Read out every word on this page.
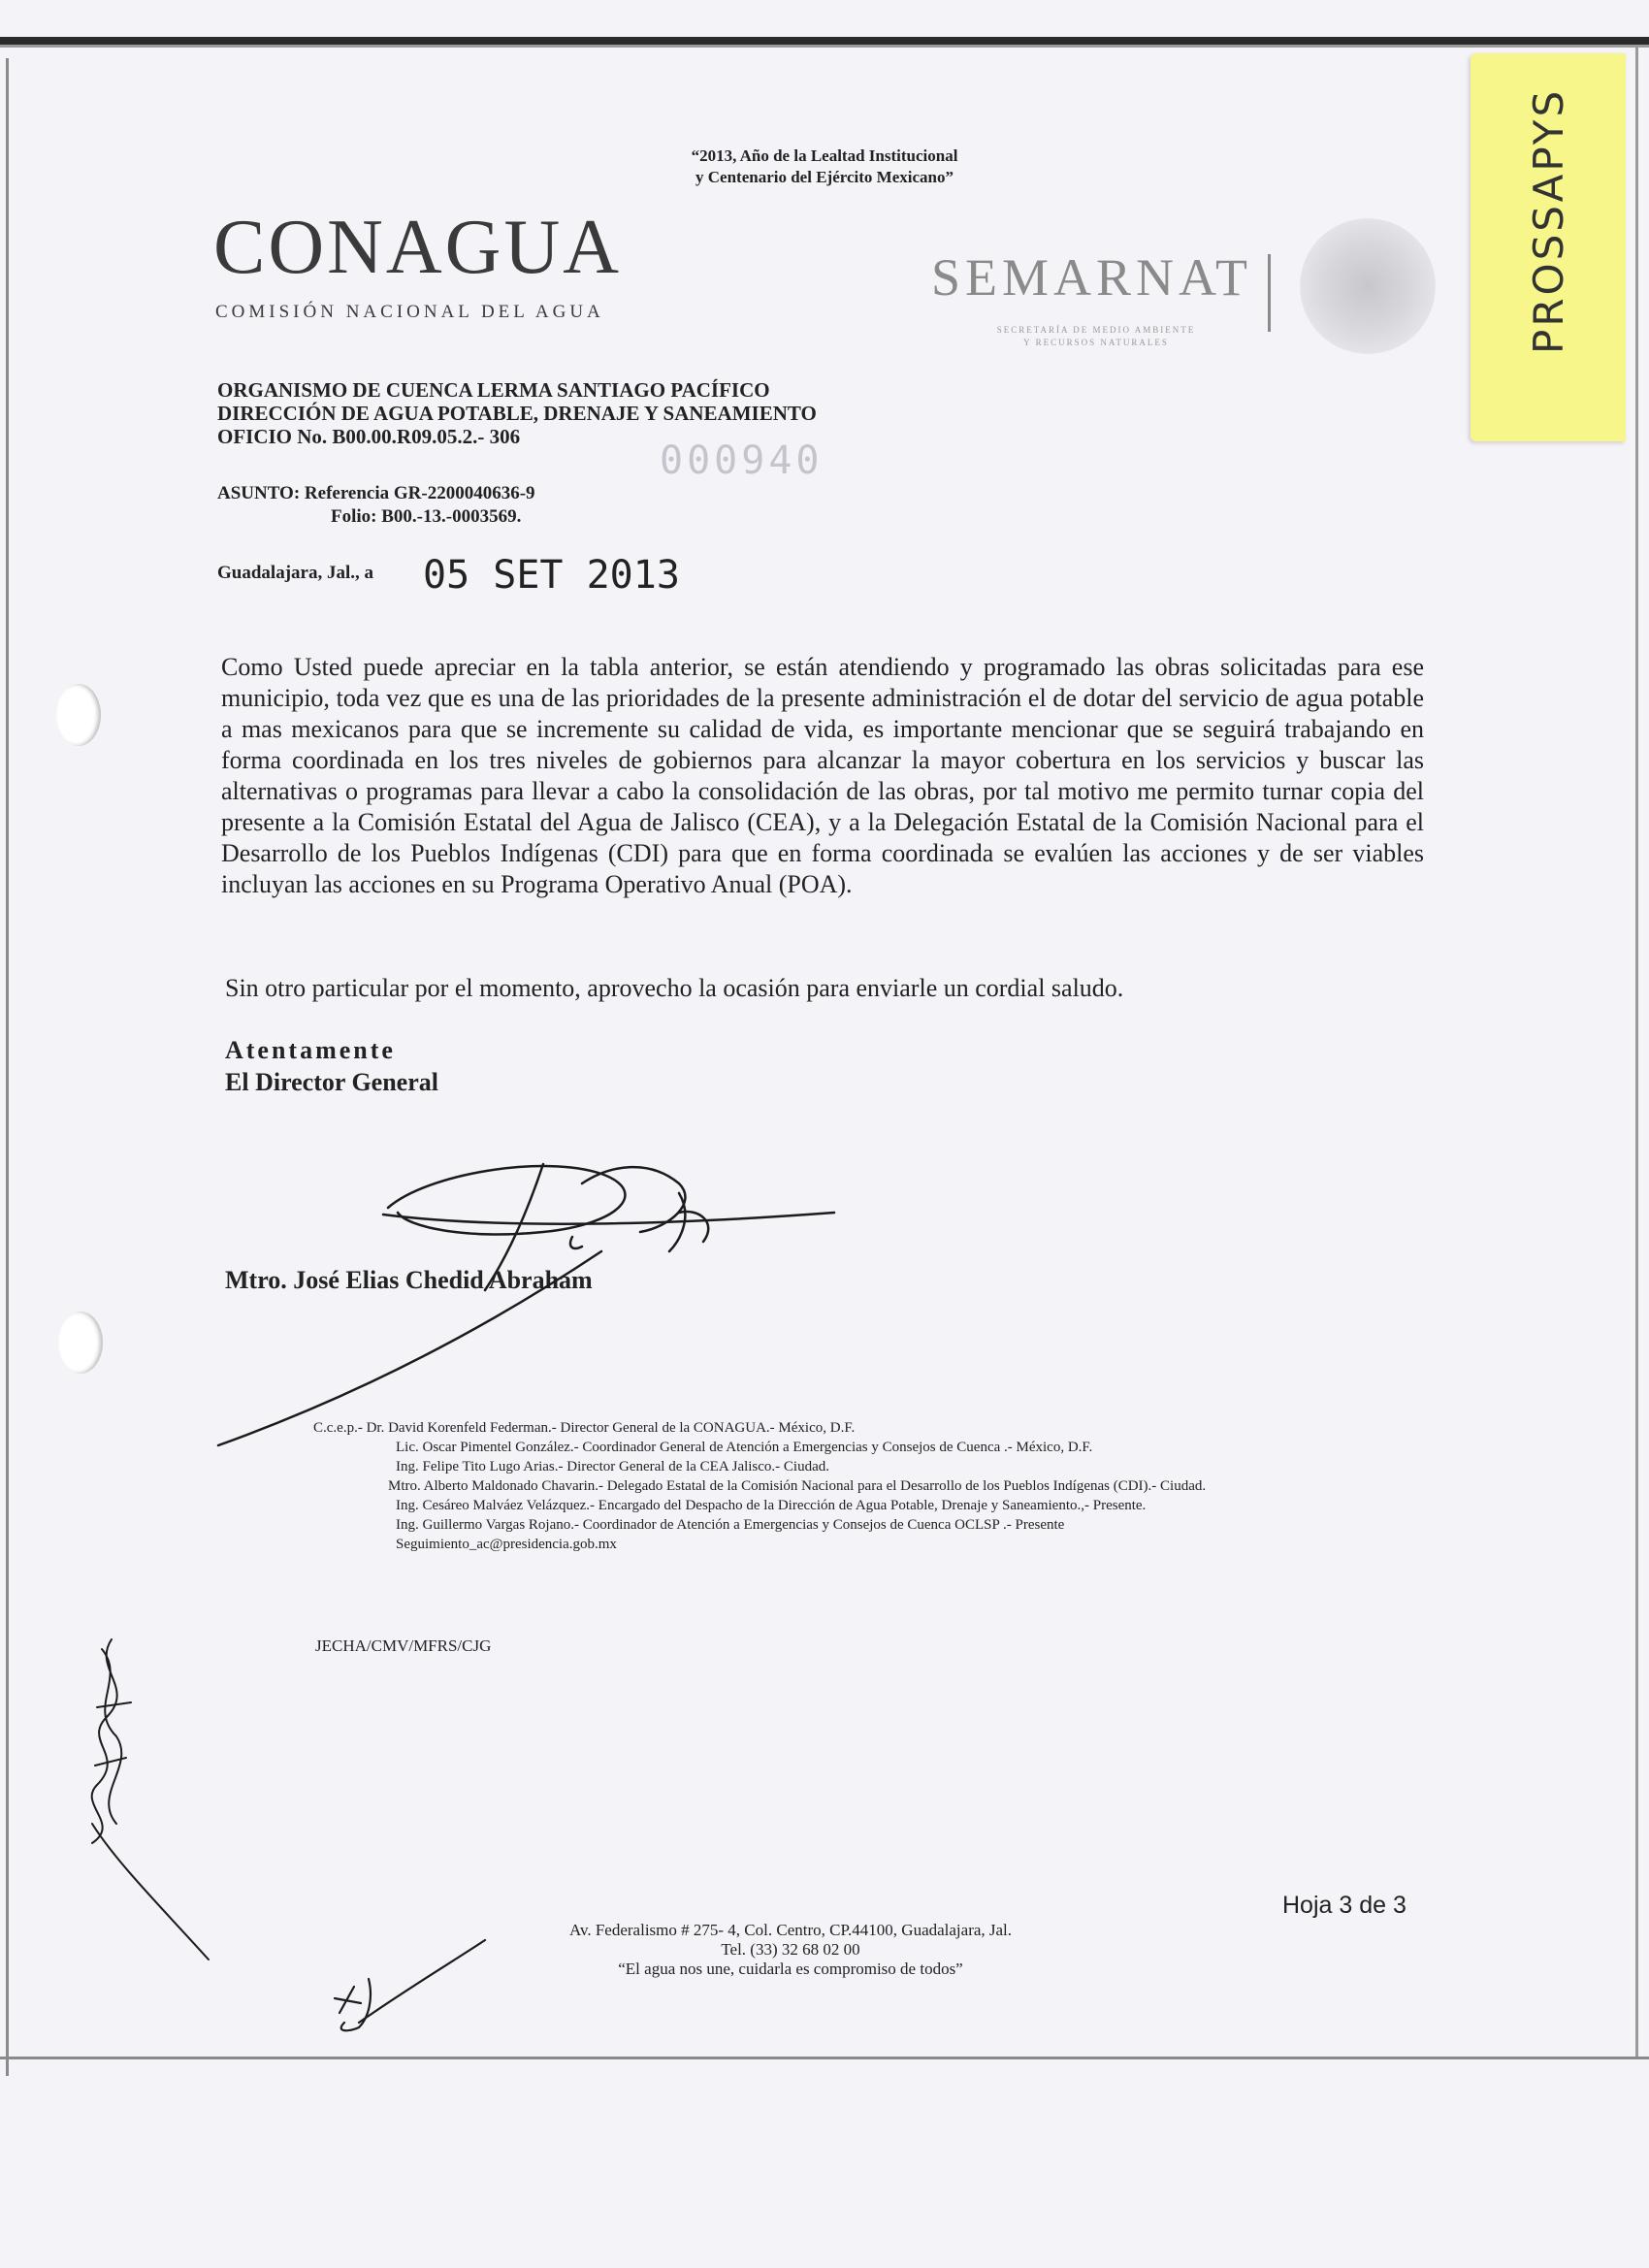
“2013, Año de la Lealtad Institucional
y Centenario del Ejército Mexicano”
CONAGUA
COMISIÓN NACIONAL DEL AGUA
SEMARNAT
SECRETARÍA DE MEDIO AMBIENTE
Y RECURSOS NATURALES	PROSSAPYS
ORGANISMO DE CUENCA LERMA SANTIAGO PACÍFICO
DIRECCIÓN DE AGUA POTABLE, DRENAJE Y SANEAMIENTO
OFICIO No. B00.00.R09.05.2.- 306
000940
ASUNTO: Referencia GR-2200040636-9
Folio: B00.-13.-0003569.
Guadalajara, Jal., a 05 SET 2013
Como Usted puede apreciar en la tabla anterior, se están atendiendo y programado las obras solicitadas para ese municipio, toda vez que es una de las prioridades de la presente administración el de dotar del servicio de agua potable a mas mexicanos para que se incremente su calidad de vida, es importante mencionar que se seguirá trabajando en forma coordinada en los tres niveles de gobiernos para alcanzar la mayor cobertura en los servicios y buscar las alternativas o programas para llevar a cabo la consolidación de las obras, por tal motivo me permito turnar copia del presente a la Comisión Estatal del Agua de Jalisco (CEA), y a la Delegación Estatal de la Comisión Nacional para el Desarrollo de los Pueblos Indígenas (CDI) para que en forma coordinada se evalúen las acciones y de ser viables incluyan las acciones en su Programa Operativo Anual (POA).
Sin otro particular por el momento, aprovecho la ocasión para enviarle un cordial saludo.
Atentamente
El Director General
Mtro. José Elias Chedid Abraham
C.c.e.p.- Dr. David Korenfeld Federman.- Director General de la CONAGUA.- México, D.F.
Lic. Oscar Pimentel González.- Coordinador General de Atención a Emergencias y Consejos de Cuenca .- México, D.F.
Ing. Felipe Tito Lugo Arias.- Director General de la CEA Jalisco.- Ciudad.
Mtro. Alberto Maldonado Chavarin.- Delegado Estatal de la Comisión Nacional para el Desarrollo de los Pueblos Indígenas (CDI).- Ciudad.
Ing. Cesáreo Malváez Velázquez.- Encargado del Despacho de la Dirección de Agua Potable, Drenaje y Saneamiento.,- Presente.
Ing. Guillermo Vargas Rojano.- Coordinador de Atención a Emergencias y Consejos de Cuenca OCLSP .- Presente
Seguimiento_ac@presidencia.gob.mx
JECHA/CMV/MFRS/CJG
Hoja 3 de 3
Av. Federalismo # 275- 4, Col. Centro, CP.44100, Guadalajara, Jal.
Tel. (33) 32 68 02 00
“El agua nos une, cuidarla es compromiso de todos”
